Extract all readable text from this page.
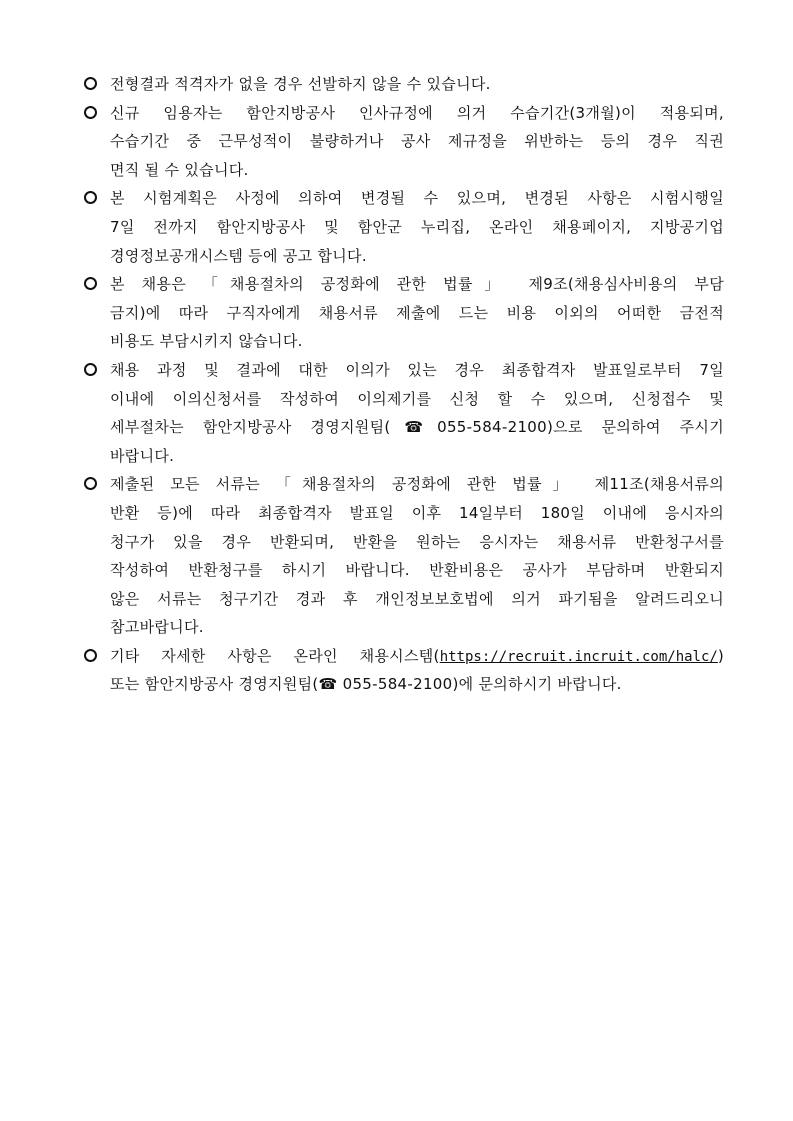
전형결과 적격자가 없을 경우 선발하지 않을 수 있습니다.
신규 임용자는 함안지방공사 인사규정에 의거 수습기간(3개월)이 적용되며,
수습기간 중 근무성적이 불량하거나 공사 제규정을 위반하는 등의 경우 직권
면직 될 수 있습니다.
본 시험계획은 사정에 의하여 변경될 수 있으며, 변경된 사항은 시험시행일
7일 전까지 함안지방공사 및 함안군 누리집, 온라인 채용페이지, 지방공기업
경영정보공개시스템 등에 공고 합니다.
본 채용은 「채용절차의 공정화에 관한 법률」 제9조(채용심사비용의 부담
금지)에 따라 구직자에게 채용서류 제출에 드는 비용 이외의 어떠한 금전적
비용도 부담시키지 않습니다.
채용 과정 및 결과에 대한 이의가 있는 경우 최종합격자 발표일로부터 7일
이내에 이의신청서를 작성하여 이의제기를 신청 할 수 있으며, 신청접수 및
세부절차는 함안지방공사 경영지원팀(☎055-584-2100)으로 문의하여 주시기
바랍니다.
제출된 모든 서류는 「채용절차의 공정화에 관한 법률」 제11조(채용서류의
반환 등)에 따라 최종합격자 발표일 이후 14일부터 180일 이내에 응시자의
청구가 있을 경우 반환되며, 반환을 원하는 응시자는 채용서류 반환청구서를
작성하여 반환청구를 하시기 바랍니다. 반환비용은 공사가 부담하며 반환되지
않은 서류는 청구기간 경과 후 개인정보보호법에 의거 파기됨을 알려드리오니
참고바랍니다.
기타 자세한 사항은 온라인 채용시스템(https://recruit.incruit.com/halc/)
또는 함안지방공사 경영지원팀(☎ 055-584-2100)에 문의하시기 바랍니다.
